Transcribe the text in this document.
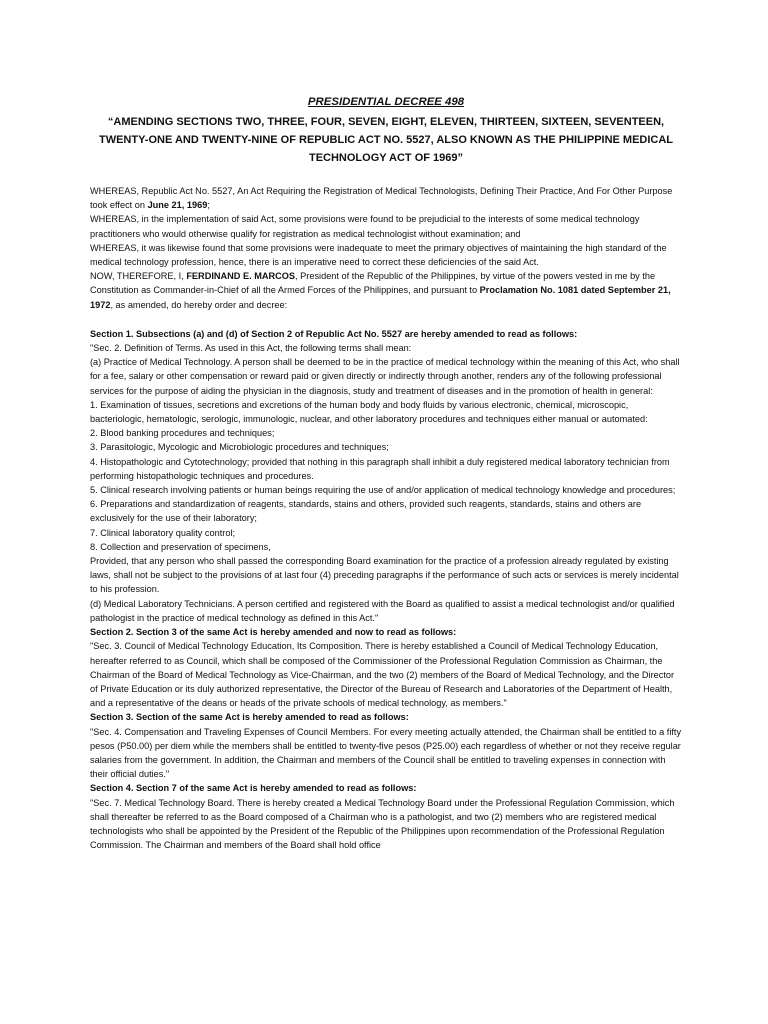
PRESIDENTIAL DECREE 498
“AMENDING SECTIONS TWO, THREE, FOUR, SEVEN, EIGHT, ELEVEN, THIRTEEN, SIXTEEN, SEVENTEEN, TWENTY-ONE AND TWENTY-NINE OF REPUBLIC ACT NO. 5527, ALSO KNOWN AS THE PHILIPPINE MEDICAL TECHNOLOGY ACT OF 1969”

WHEREAS, Republic Act No. 5527, An Act Requiring the Registration of Medical Technologists, Defining Their Practice, And For Other Purpose took effect on June 21, 1969;

WHEREAS, in the implementation of said Act, some provisions were found to be prejudicial to the interests of some medical technology practitioners who would otherwise qualify for registration as medical technologist without examination; and

WHEREAS, it was likewise found that some provisions were inadequate to meet the primary objectives of maintaining the high standard of the medical technology profession, hence, there is an imperative need to correct these deficiencies of the said Act.

NOW, THEREFORE, I, FERDINAND E. MARCOS, President of the Republic of the Philippines, by virtue of the powers vested in me by the Constitution as Commander-in-Chief of all the Armed Forces of the Philippines, and pursuant to Proclamation No. 1081 dated September 21, 1972, as amended, do hereby order and decree:

Section 1. Subsections (a) and (d) of Section 2 of Republic Act No. 5527 are hereby amended to read as follows:

"Sec. 2. Definition of Terms. As used in this Act, the following terms shall mean:

(a) Practice of Medical Technology. A person shall be deemed to be in the practice of medical technology within the meaning of this Act, who shall for a fee, salary or other compensation or reward paid or given directly or indirectly through another, renders any of the following professional services for the purpose of aiding the physician in the diagnosis, study and treatment of diseases and in the promotion of health in general:

1. Examination of tissues, secretions and excretions of the human body and body fluids by various electronic, chemical, microscopic, bacteriologic, hematologic, serologic, immunologic, nuclear, and other laboratory procedures and techniques either manual or automated:

2. Blood banking procedures and techniques;

3. Parasitologic, Mycologic and Microbiologic procedures and techniques;

4. Histopathologic and Cytotechnology; provided that nothing in this paragraph shall inhibit a duly registered medical laboratory technician from performing histopathologic techniques and procedures.

5. Clinical research involving patients or human beings requiring the use of and/or application of medical technology knowledge and procedures;

6. Preparations and standardization of reagents, standards, stains and others, provided such reagents, standards, stains and others are exclusively for the use of their laboratory;

7. Clinical laboratory quality control;

8. Collection and preservation of specimens,

Provided, that any person who shall passed the corresponding Board examination for the practice of a profession already regulated by existing laws, shall not be subject to the provisions of at last four (4) preceding paragraphs if the performance of such acts or services is merely incidental to his profession.

(d) Medical Laboratory Technicians. A person certified and registered with the Board as qualified to assist a medical technologist and/or qualified pathologist in the practice of medical technology as defined in this Act."

Section 2. Section 3 of the same Act is hereby amended and now to read as follows:

"Sec. 3. Council of Medical Technology Education, Its Composition. There is hereby established a Council of Medical Technology Education, hereafter referred to as Council, which shall be composed of the Commissioner of the Professional Regulation Commission as Chairman, the Chairman of the Board of Medical Technology as Vice-Chairman, and the two (2) members of the Board of Medical Technology, and the Director of Private Education or its duly authorized representative, the Director of the Bureau of Research and Laboratories of the Department of Health, and a representative of the deans or heads of the private schools of medical technology, as members."

Section 3. Section of the same Act is hereby amended to read as follows:

"Sec. 4. Compensation and Traveling Expenses of Council Members. For every meeting actually attended, the Chairman shall be entitled to a fifty pesos (P50.00) per diem while the members shall be entitled to twenty-five pesos (P25.00) each regardless of whether or not they receive regular salaries from the government. In addition, the Chairman and members of the Council shall be entitled to traveling expenses in connection with their official duties."

Section 4. Section 7 of the same Act is hereby amended to read as follows:

"Sec. 7. Medical Technology Board. There is hereby created a Medical Technology Board under the Professional Regulation Commission, which shall thereafter be referred to as the Board composed of a Chairman who is a pathologist, and two (2) members who are registered medical technologists who shall be appointed by the President of the Republic of the Philippines upon recommendation of the Professional Regulation Commission. The Chairman and members of the Board shall hold office
